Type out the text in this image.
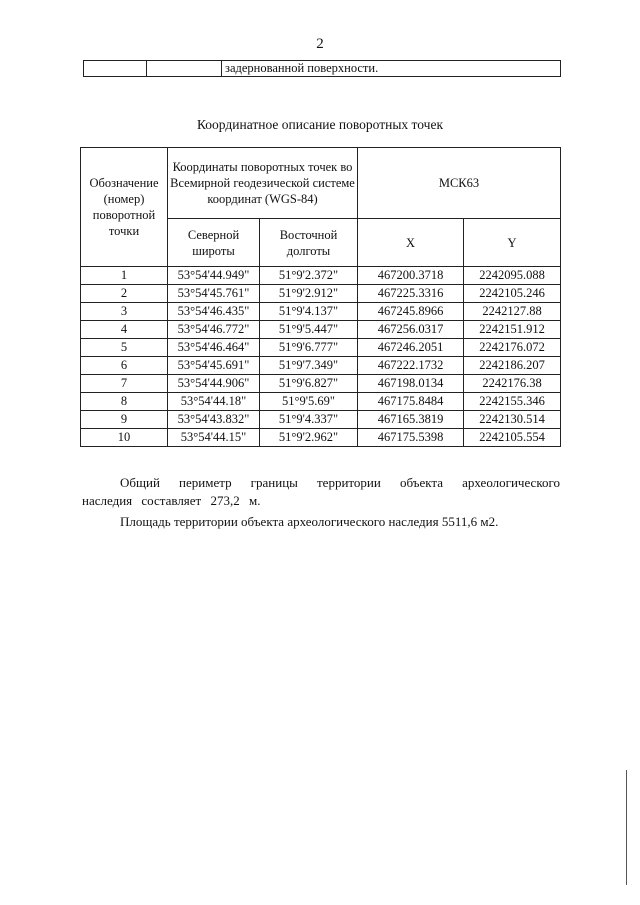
2
		задернованной поверхности.
Координатное описание поворотных точек
Обозначение (номер) поворотной точки	Координаты поворотных точек во Всемирной геодезической системе координат (WGS-84)		МСК63	
	Северной широты	Восточной долготы	X	Y
1	53°54'44.949"	51°9'2.372"	467200.3718	2242095.088
2	53°54'45.761"	51°9'2.912"	467225.3316	2242105.246
3	53°54'46.435"	51°9'4.137"	467245.8966	2242127.88
4	53°54'46.772"	51°9'5.447"	467256.0317	2242151.912
5	53°54'46.464"	51°9'6.777"	467246.2051	2242176.072
6	53°54'45.691"	51°9'7.349"	467222.1732	2242186.207
7	53°54'44.906"	51°9'6.827"	467198.0134	2242176.38
8	53°54'44.18"	51°9'5.69"	467175.8484	2242155.346
9	53°54'43.832"	51°9'4.337"	467165.3819	2242130.514
10	53°54'44.15"	51°9'2.962"	467175.5398	2242105.554
Общий периметр границы территории объекта археологического наследия составляет 273,2 м.
Площадь территории объекта археологического наследия 5511,6 м2.
